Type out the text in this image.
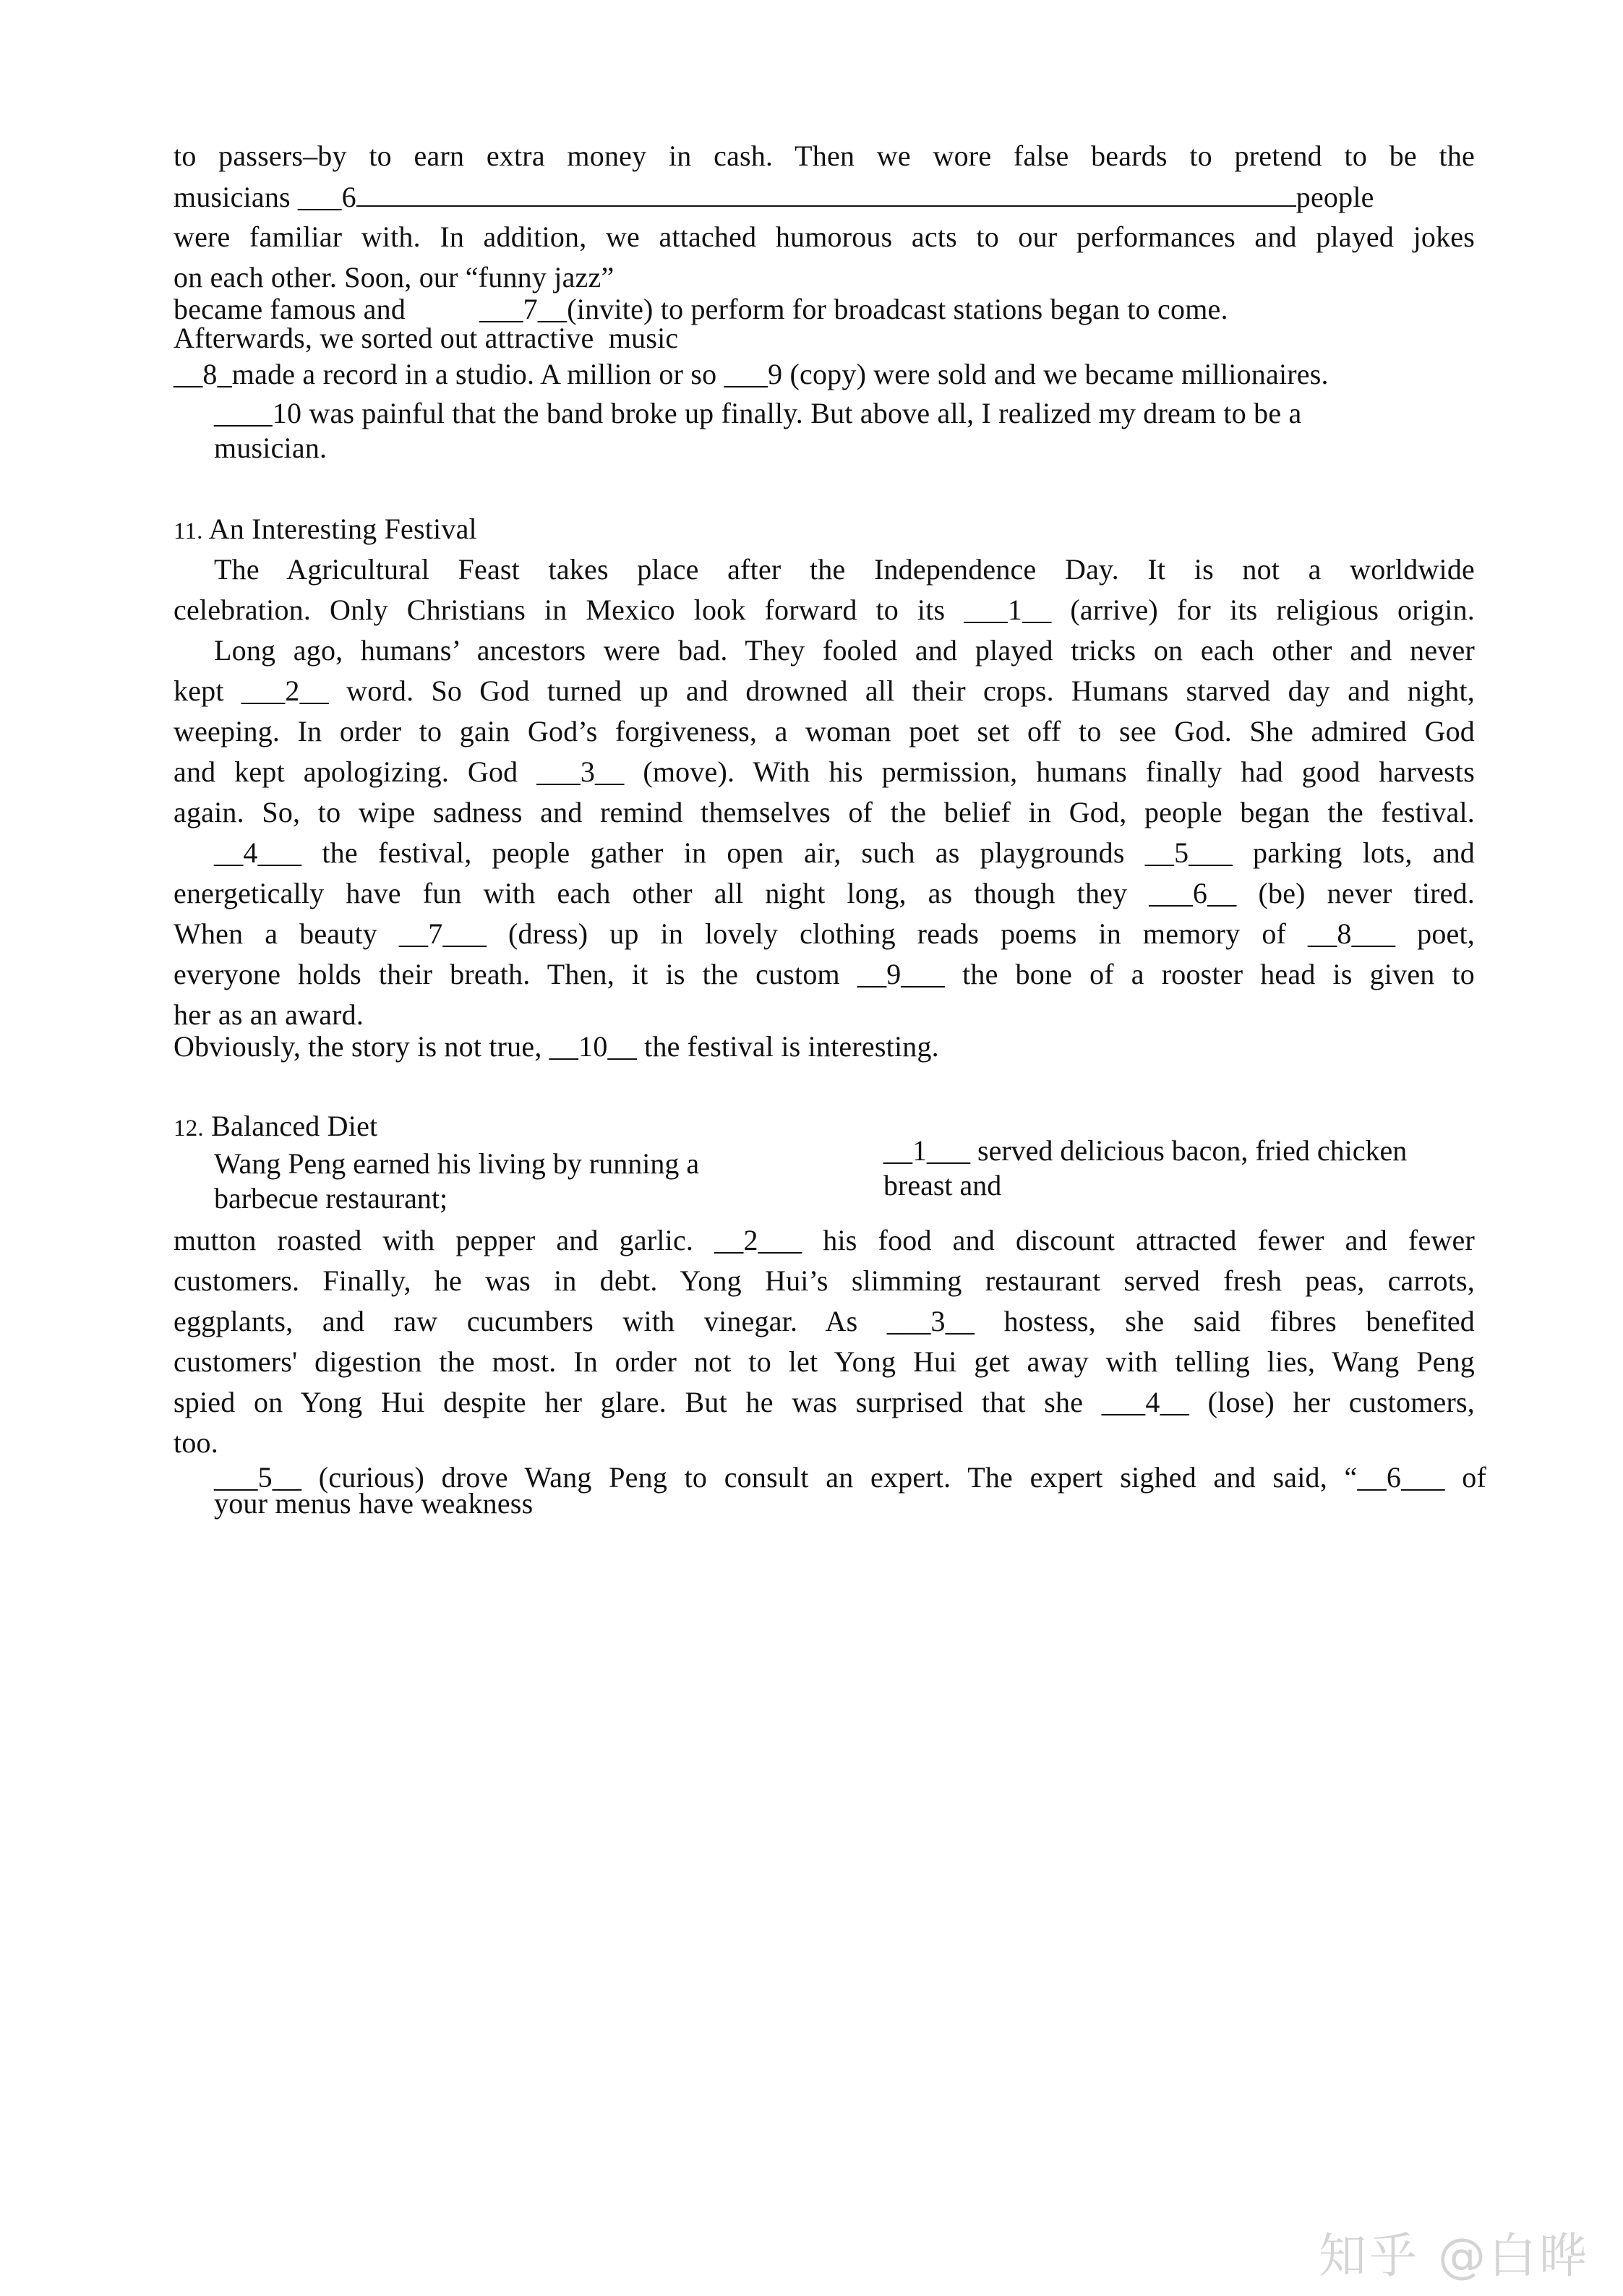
to passers–by to earn extra money in cash. Then we wore false beards to pretend to be the
musicians ___6	people
were familiar with. In addition, we attached humorous acts to our performances and played jokes
on each other. Soon, our “funny jazz”
became famous and          ___7__(invite) to perform for broadcast stations began to come.
Afterwards, we sorted out attractive  music
__8_made a record in a studio. A million or so ___9 (copy) were sold and we became millionaires.
____10 was painful that the band broke up finally. But above all, I realized my dream to be a
musician.
11. An Interesting Festival
The Agricultural Feast takes place after the Independence Day. It is not a worldwide
celebration. Only Christians in Mexico look forward to its ___1__ (arrive) for its religious origin.
Long ago, humans’ ancestors were bad. They fooled and played tricks on each other and never
kept ___2__ word. So God turned up and drowned all their crops. Humans starved day and night,
weeping. In order to gain God’s forgiveness, a woman poet set off to see God. She admired God
and kept apologizing. God ___3__ (move). With his permission, humans finally had good harvests
again. So, to wipe sadness and remind themselves of the belief in God, people began the festival.
__4___ the festival, people gather in open air, such as playgrounds __5___ parking lots, and
energetically have fun with each other all night long, as though they ___6__ (be) never tired.
When a beauty __7___ (dress) up in lovely clothing reads poems in memory of __8___ poet,
everyone holds their breath. Then, it is the custom __9___ the bone of a rooster head is given to
her as an award.
Obviously, the story is not true, __10__ the festival is interesting.
12. Balanced Diet
Wang Peng earned his living by running a
barbecue restaurant;
__1___ served delicious bacon, fried chicken
breast and
mutton roasted with pepper and garlic. __2___ his food and discount attracted fewer and fewer
customers. Finally, he was in debt. Yong Hui’s slimming restaurant served fresh peas, carrots,
eggplants, and raw cucumbers with vinegar. As ___3__ hostess, she said fibres benefited
customers' digestion the most. In order not to let Yong Hui get away with telling lies, Wang Peng
spied on Yong Hui despite her glare. But he was surprised that she ___4__ (lose) her customers,
too.
___5__ (curious) drove Wang Peng to consult an expert. The expert sighed and said, “__6___ of
your menus have weakness
知乎 @白晔
